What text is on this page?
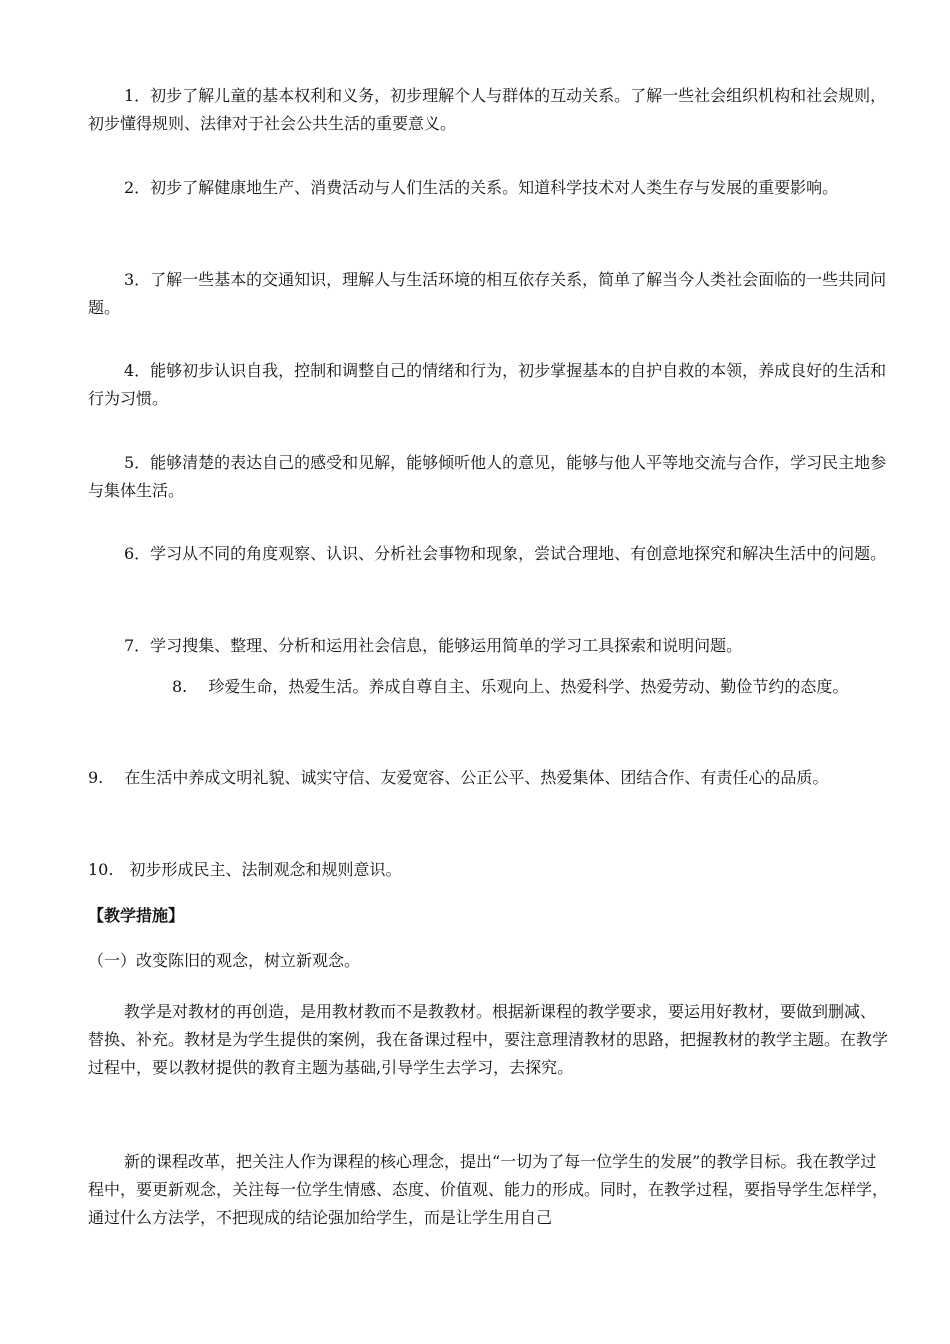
1．初步了解儿童的基本权利和义务，初步理解个人与群体的互动关系。了解一些社会组织机构和社会规则，初步懂得规则、法律对于社会公共生活的重要意义。

2．初步了解健康地生产、消费活动与人们生活的关系。知道科学技术对人类生存与发展的重要影响。

3．了解一些基本的交通知识，理解人与生活环境的相互依存关系，简单了解当今人类社会面临的一些共同问题。

4．能够初步认识自我，控制和调整自己的情绪和行为，初步掌握基本的自护自救的本领，养成良好的生活和行为习惯。

5．能够清楚的表达自己的感受和见解，能够倾听他人的意见，能够与他人平等地交流与合作，学习民主地参与集体生活。

6．学习从不同的角度观察、认识、分析社会事物和现象，尝试合理地、有创意地探究和解决生活中的问题。

7．学习搜集、整理、分析和运用社会信息，能够运用简单的学习工具探索和说明问题。

8.　 珍爱生命，热爱生活。养成自尊自主、乐观向上、热爱科学、热爱劳动、勤俭节约的态度。

9.　 在生活中养成文明礼貌、诚实守信、友爱宽容、公正公平、热爱集体、团结合作、有责任心的品质。

10.　初步形成民主、法制观念和规则意识。

【教学措施】
（一）改变陈旧的观念，树立新观念。

教学是对教材的再创造，是用教材教而不是教教材。根据新课程的教学要求，要运用好教材，要做到删减、替换、补充。教材是为学生提供的案例，我在备课过程中，要注意理清教材的思路，把握教材的教学主题。在教学过程中，要以教材提供的教育主题为基础,引导学生去学习，去探究。

新的课程改革，把关注人作为课程的核心理念，提出“一切为了每一位学生的发展”的教学目标。我在教学过程中，要更新观念，关注每一位学生情感、态度、价值观、能力的形成。同时，在教学过程，要指导学生怎样学，通过什么方法学，不把现成的结论强加给学生，而是让学生用自己
